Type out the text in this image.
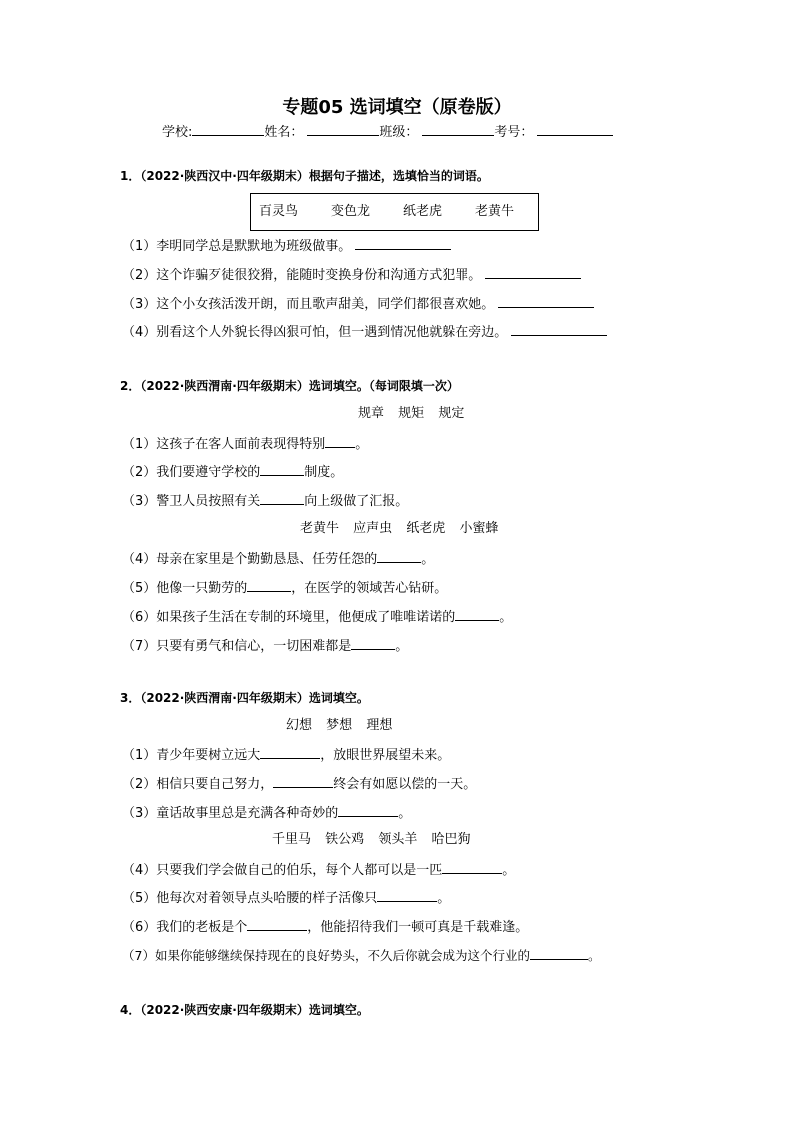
专题05 选词填空（原卷版）
学校:	姓名：	班级：	考号：
1．（2022·陕西汉中·四年级期末）根据句子描述，选填恰当的词语。
百灵鸟	变色龙	纸老虎	老黄牛
（1）李明同学总是默默地为班级做事。
（2）这个诈骗歹徒很狡猾，能随时变换身份和沟通方式犯罪。
（3）这个小女孩活泼开朗，而且歌声甜美，同学们都很喜欢她。
（4）别看这个人外貌长得凶狠可怕，但一遇到情况他就躲在旁边。
2．（2022·陕西渭南·四年级期末）选词填空。（每词限填一次）
规章 规矩 规定
（1）这孩子在客人面前表现得特别 。
（2）我们要遵守学校的	制度。
（3）警卫人员按照有关	向上级做了汇报。
老黄牛 应声虫 纸老虎 小蜜蜂
（4）母亲在家里是个勤勤恳恳、任劳任怨的	。
（5）他像一只勤劳的	，在医学的领域苦心钻研。
（6）如果孩子生活在专制的环境里，他便成了唯唯诺诺的	。
（7）只要有勇气和信心，一切困难都是	。
3．（2022·陕西渭南·四年级期末）选词填空。
幻想 梦想 理想
（1）青少年要树立远大	，放眼世界展望未来。
（2）相信只要自己努力，	终会有如愿以偿的一天。
（3）童话故事里总是充满各种奇妙的	。
千里马 铁公鸡 领头羊 哈巴狗
（4）只要我们学会做自己的伯乐，每个人都可以是一匹	。
（5）他每次对着领导点头哈腰的样子活像只	。
（6）我们的老板是个	，他能招待我们一顿可真是千载难逢。
（7）如果你能够继续保持现在的良好势头，不久后你就会成为这个行业的	。
4．（2022·陕西安康·四年级期末）选词填空。
